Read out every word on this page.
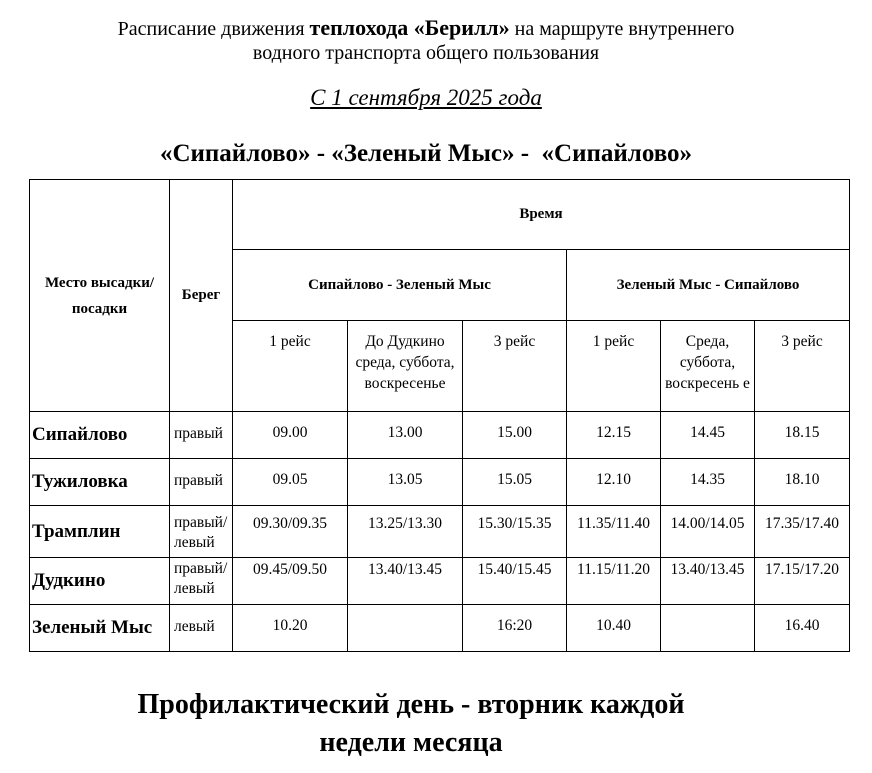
Расписание движения теплохода «Берилл» на маршруте внутреннего
водного транспорта общего пользования
С 1 сентября 2025 года
«Сипайлово» - «Зеленый Мыс» -  «Сипайлово»
Место высадки/посадки	Берег	Время					
		Сипайлово - Зеленый Мыс			Зеленый Мыс - Сипайлово		
		1 рейс	До Дудкино среда, суббота, воскресенье	3 рейс	1 рейс	Среда, суббота, воскресень е	3 рейс
Сипайлово	правый	09.00	13.00	15.00	12.15	14.45	18.15
Тужиловка	правый	09.05	13.05	15.05	12.10	14.35	18.10
Трамплин	правый/ левый	09.30/09.35	13.25/13.30	15.30/15.35	11.35/11.40	14.00/14.05	17.35/17.40
Дудкино	правый/ левый	09.45/09.50	13.40/13.45	15.40/15.45	11.15/11.20	13.40/13.45	17.15/17.20
Зеленый Мыс	левый	10.20		16:20	10.40		16.40
Профилактический день - вторник каждой
недели месяца
